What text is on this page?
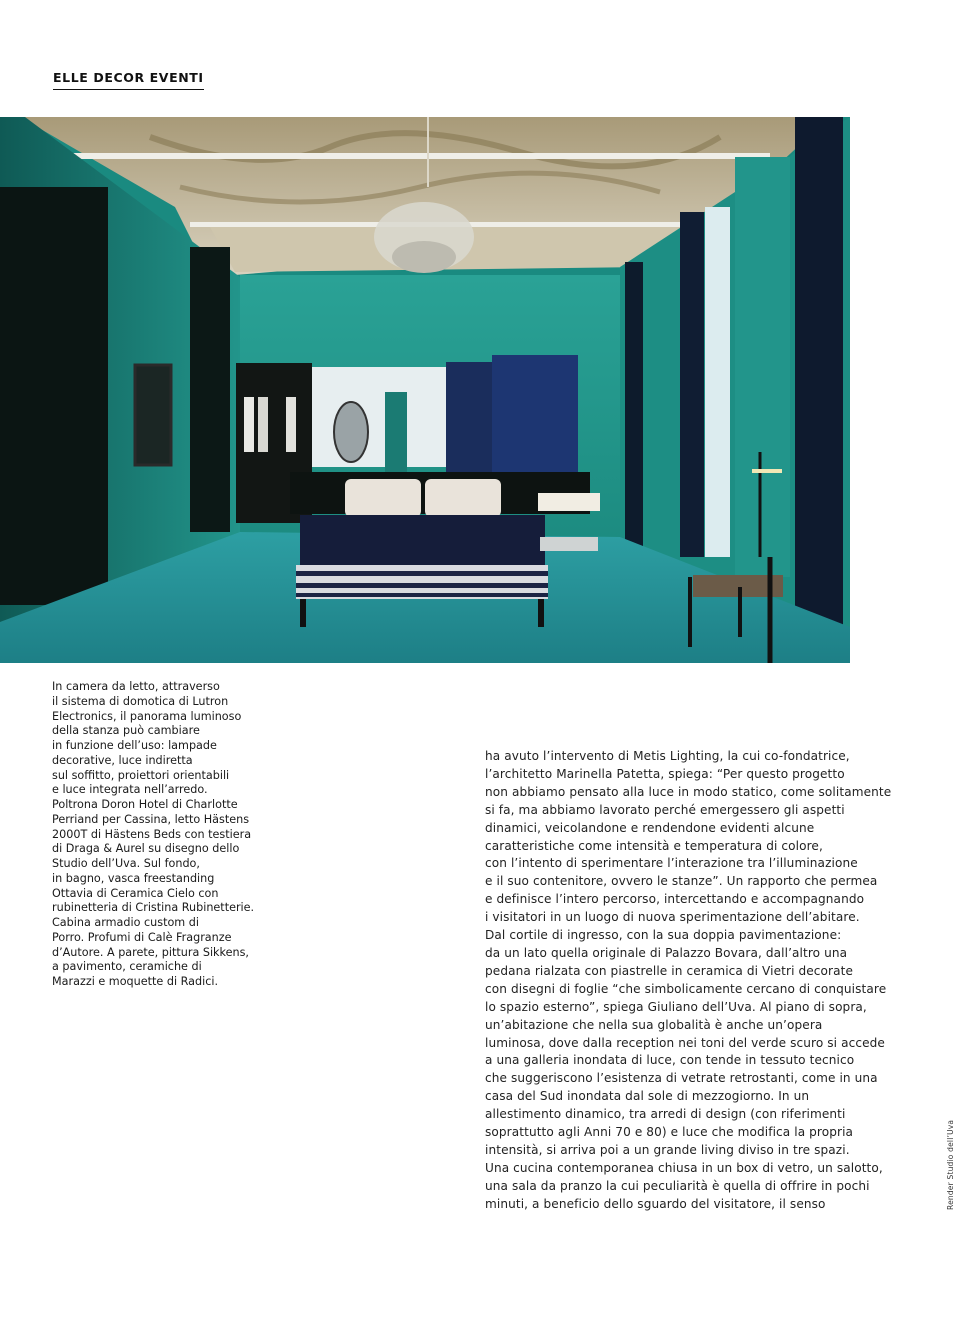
ELLE DECOR EVENTI
In camera da letto, attraverso
il sistema di domotica di Lutron
Electronics, il panorama luminoso
della stanza può cambiare
in funzione dell’uso: lampade
decorative, luce indiretta
sul soffitto, proiettori orientabili
e luce integrata nell’arredo.
Poltrona Doron Hotel di Charlotte
Perriand per Cassina, letto Hästens
2000T di Hästens Beds con testiera
di Draga & Aurel su disegno dello
Studio dell’Uva. Sul fondo,
in bagno, vasca freestanding
Ottavia di Ceramica Cielo con
rubinetteria di Cristina Rubinetterie.
Cabina armadio custom di
Porro. Profumi di Calè Fragranze
d’Autore. A parete, pittura Sikkens,
a pavimento, ceramiche di
Marazzi e moquette di Radici.
ha avuto l’intervento di Metis Lighting, la cui co-fondatrice,
l’architetto Marinella Patetta, spiega: “Per questo progetto
non abbiamo pensato alla luce in modo statico, come solitamente
si fa, ma abbiamo lavorato perché emergessero gli aspetti
dinamici, veicolandone e rendendone evidenti alcune
caratteristiche come intensità e temperatura di colore,
con l’intento di sperimentare l’interazione tra l’illuminazione
e il suo contenitore, ovvero le stanze”. Un rapporto che permea
e definisce l’intero percorso, intercettando e accompagnando
i visitatori in un luogo di nuova sperimentazione dell’abitare.
Dal cortile di ingresso, con la sua doppia pavimentazione:
da un lato quella originale di Palazzo Bovara, dall’altro una
pedana rialzata con piastrelle in ceramica di Vietri decorate
con disegni di foglie “che simbolicamente cercano di conquistare
lo spazio esterno”, spiega Giuliano dell’Uva. Al piano di sopra,
un’abitazione che nella sua globalità è anche un’opera
luminosa, dove dalla reception nei toni del verde scuro si accede
a una galleria inondata di luce, con tende in tessuto tecnico
che suggeriscono l’esistenza di vetrate retrostanti, come in una
casa del Sud inondata dal sole di mezzogiorno. In un
allestimento dinamico, tra arredi di design (con riferimenti
soprattutto agli Anni 70 e 80) e luce che modifica la propria
intensità, si arriva poi a un grande living diviso in tre spazi.
Una cucina contemporanea chiusa in un box di vetro, un salotto,
una sala da pranzo la cui peculiarità è quella di offrire in pochi
minuti, a beneficio dello sguardo del visitatore, il senso	Render Studio dell’Uva
